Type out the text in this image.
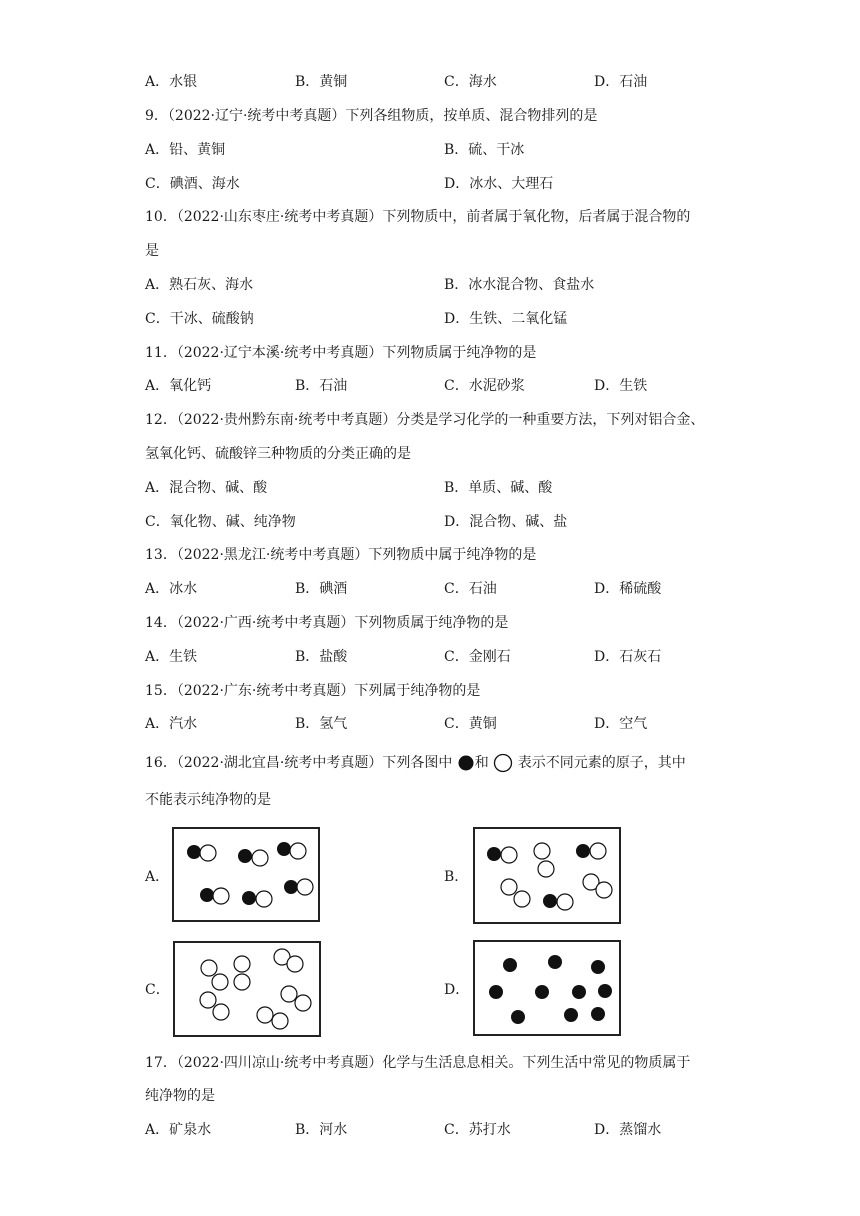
A．水银	B．黄铜	C．海水	D．石油
9．（2022·辽宁·统考中考真题）下列各组物质，按单质、混合物排列的是
A．铅、黄铜	B．硫、干冰
C．碘酒、海水	D．冰水、大理石
10．（2022·山东枣庄·统考中考真题）下列物质中，前者属于氧化物，后者属于混合物的
是
A．熟石灰、海水	B．冰水混合物、食盐水
C．干冰、硫酸钠	D．生铁、二氧化锰
11．（2022·辽宁本溪·统考中考真题）下列物质属于纯净物的是
A．氧化钙	B．石油	C．水泥砂浆	D．生铁
12．（2022·贵州黔东南·统考中考真题）分类是学习化学的一种重要方法，下列对铝合金、
氢氧化钙、硫酸锌三种物质的分类正确的是
A．混合物、碱、酸	B．单质、碱、酸
C．氧化物、碱、纯净物	D．混合物、碱、盐
13．（2022·黑龙江·统考中考真题）下列物质中属于纯净物的是
A．冰水	B．碘酒	C．石油	D．稀硫酸
14．（2022·广西·统考中考真题）下列物质属于纯净物的是
A．生铁	B．盐酸	C．金刚石	D．石灰石
15．（2022·广东·统考中考真题）下列属于纯净物的是
A．汽水	B．氢气	C．黄铜	D．空气
16．（2022·湖北宜昌·统考中考真题）下列各图中 和 表示不同元素的原子，其中
不能表示纯净物的是
A．	B．
C．	D．
17．（2022·四川凉山·统考中考真题）化学与生活息息相关。下列生活中常见的物质属于
纯净物的是
A．矿泉水	B．河水	C．苏打水	D．蒸馏水
